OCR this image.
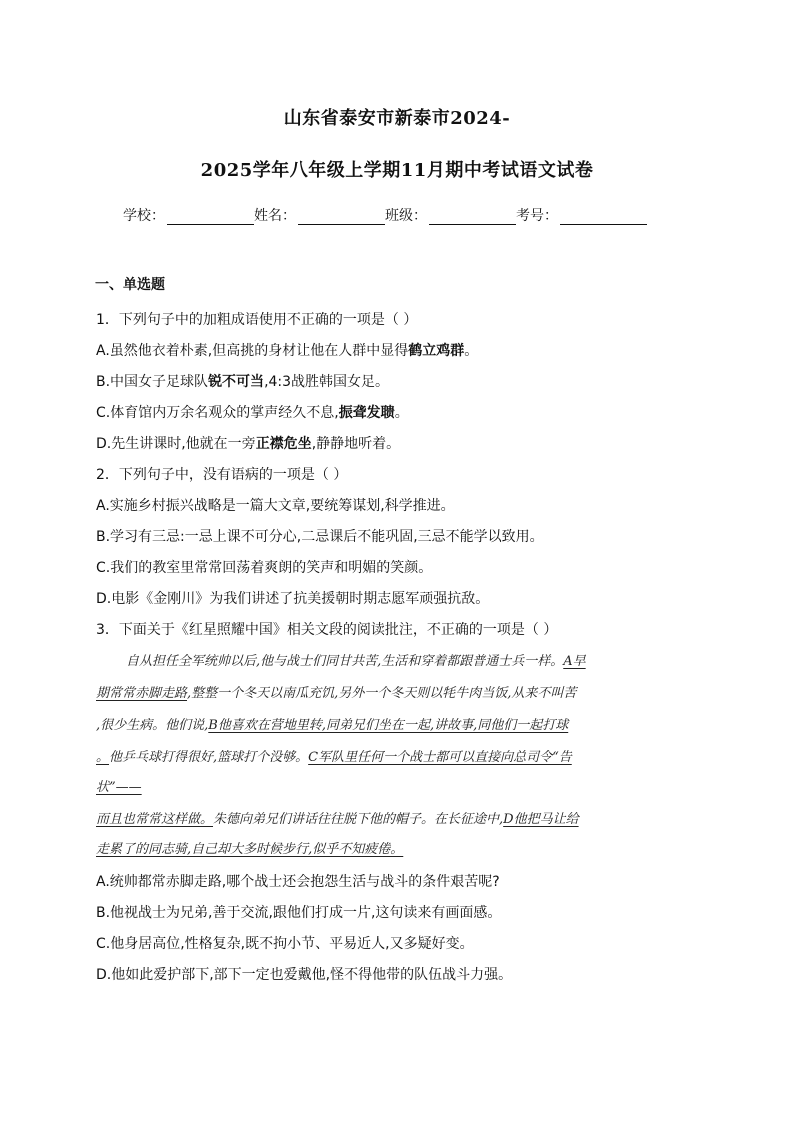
山东省泰安市新泰市2024-
2025学年八年级上学期11月期中考试语文试卷
学校：	姓名：	班级：	考号：
一、单选题
1．下列句子中的加粗成语使用不正确的一项是（ ）
A.虽然他衣着朴素,但高挑的身材让他在人群中显得鹤立鸡群。
B.中国女子足球队锐不可当,4:3战胜韩国女足。
C.体育馆内万余名观众的掌声经久不息,振聋发聩。
D.先生讲课时,他就在一旁正襟危坐,静静地听着。
2．下列句子中，没有语病的一项是（ ）
A.实施乡村振兴战略是一篇大文章,要统筹谋划,科学推进。
B.学习有三忌:一忌上课不可分心,二忌课后不能巩固,三忌不能学以致用。
C.我们的教室里常常回荡着爽朗的笑声和明媚的笑颜。
D.电影《金刚川》为我们讲述了抗美援朝时期志愿军顽强抗敌。
3．下面关于《红星照耀中国》相关文段的阅读批注，不正确的一项是（ ）
自从担任全军统帅以后,他与战士们同甘共苦,生活和穿着都跟普通士兵一样。A早
期常常赤脚走路,整整一个冬天以南瓜充饥,另外一个冬天则以牦牛肉当饭,从来不叫苦
,很少生病。他们说,B他喜欢在营地里转,同弟兄们坐在一起,讲故事,同他们一起打球
。他乒乓球打得很好,篮球打个没够。C军队里任何一个战士都可以直接向总司令“告
状”——
而且也常常这样做。朱德向弟兄们讲话往往脱下他的帽子。在长征途中,D他把马让给
走累了的同志骑,自己却大多时候步行,似乎不知疲倦。
A.统帅都常赤脚走路,哪个战士还会抱怨生活与战斗的条件艰苦呢?
B.他视战士为兄弟,善于交流,跟他们打成一片,这句读来有画面感。
C.他身居高位,性格复杂,既不拘小节、平易近人,又多疑好变。
D.他如此爱护部下,部下一定也爱戴他,怪不得他带的队伍战斗力强。
